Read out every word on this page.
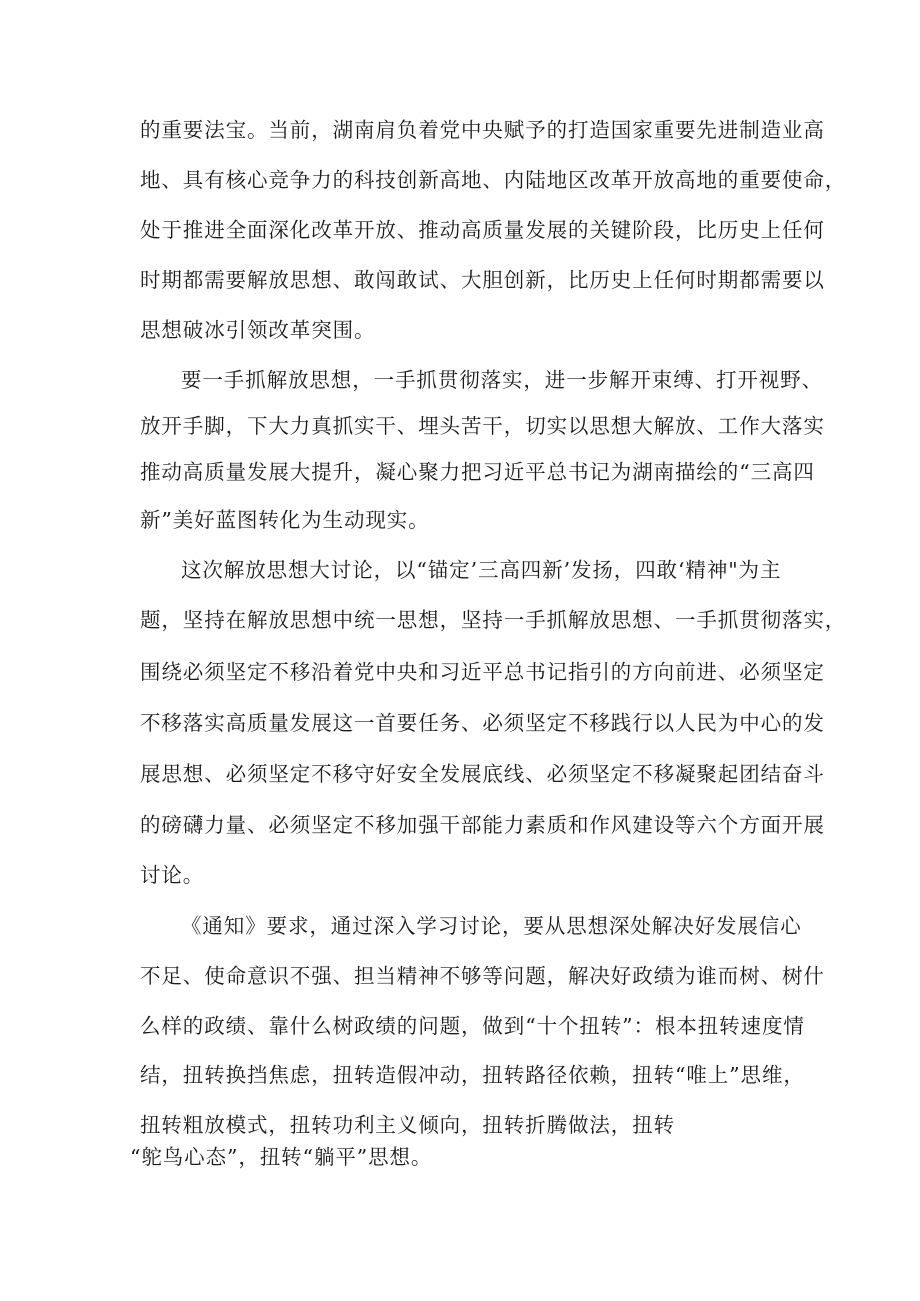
的重要法宝。当前，湖南肩负着党中央赋予的打造国家重要先进制造业高
地、具有核心竞争力的科技创新高地、内陆地区改革开放高地的重要使命，
处于推进全面深化改革开放、推动高质量发展的关键阶段，比历史上任何
时期都需要解放思想、敢闯敢试、大胆创新，比历史上任何时期都需要以
思想破冰引领改革突围。
要一手抓解放思想，一手抓贯彻落实，进一步解开束缚、打开视野、
放开手脚，下大力真抓实干、埋头苦干，切实以思想大解放、工作大落实
推动高质量发展大提升，凝心聚力把习近平总书记为湖南描绘的“三高四
新”美好蓝图转化为生动现实。
这次解放思想大讨论，以“锚定’三高四新’发扬，四敢‘精神"为主
题，坚持在解放思想中统一思想，坚持一手抓解放思想、一手抓贯彻落实，
围绕必须坚定不移沿着党中央和习近平总书记指引的方向前进、必须坚定
不移落实高质量发展这一首要任务、必须坚定不移践行以人民为中心的发
展思想、必须坚定不移守好安全发展底线、必须坚定不移凝聚起团结奋斗
的磅礴力量、必须坚定不移加强干部能力素质和作风建设等六个方面开展
讨论。
《通知》要求，通过深入学习讨论，要从思想深处解决好发展信心
不足、使命意识不强、担当精神不够等问题，解决好政绩为谁而树、树什
么样的政绩、靠什么树政绩的问题，做到“十个扭转”：根本扭转速度情
结，扭转换挡焦虑，扭转造假冲动，扭转路径依赖，扭转“唯上”思维，
扭转粗放模式，扭转功利主义倾向，扭转折腾做法，扭转
“鸵鸟心态”，扭转“躺平”思想。
